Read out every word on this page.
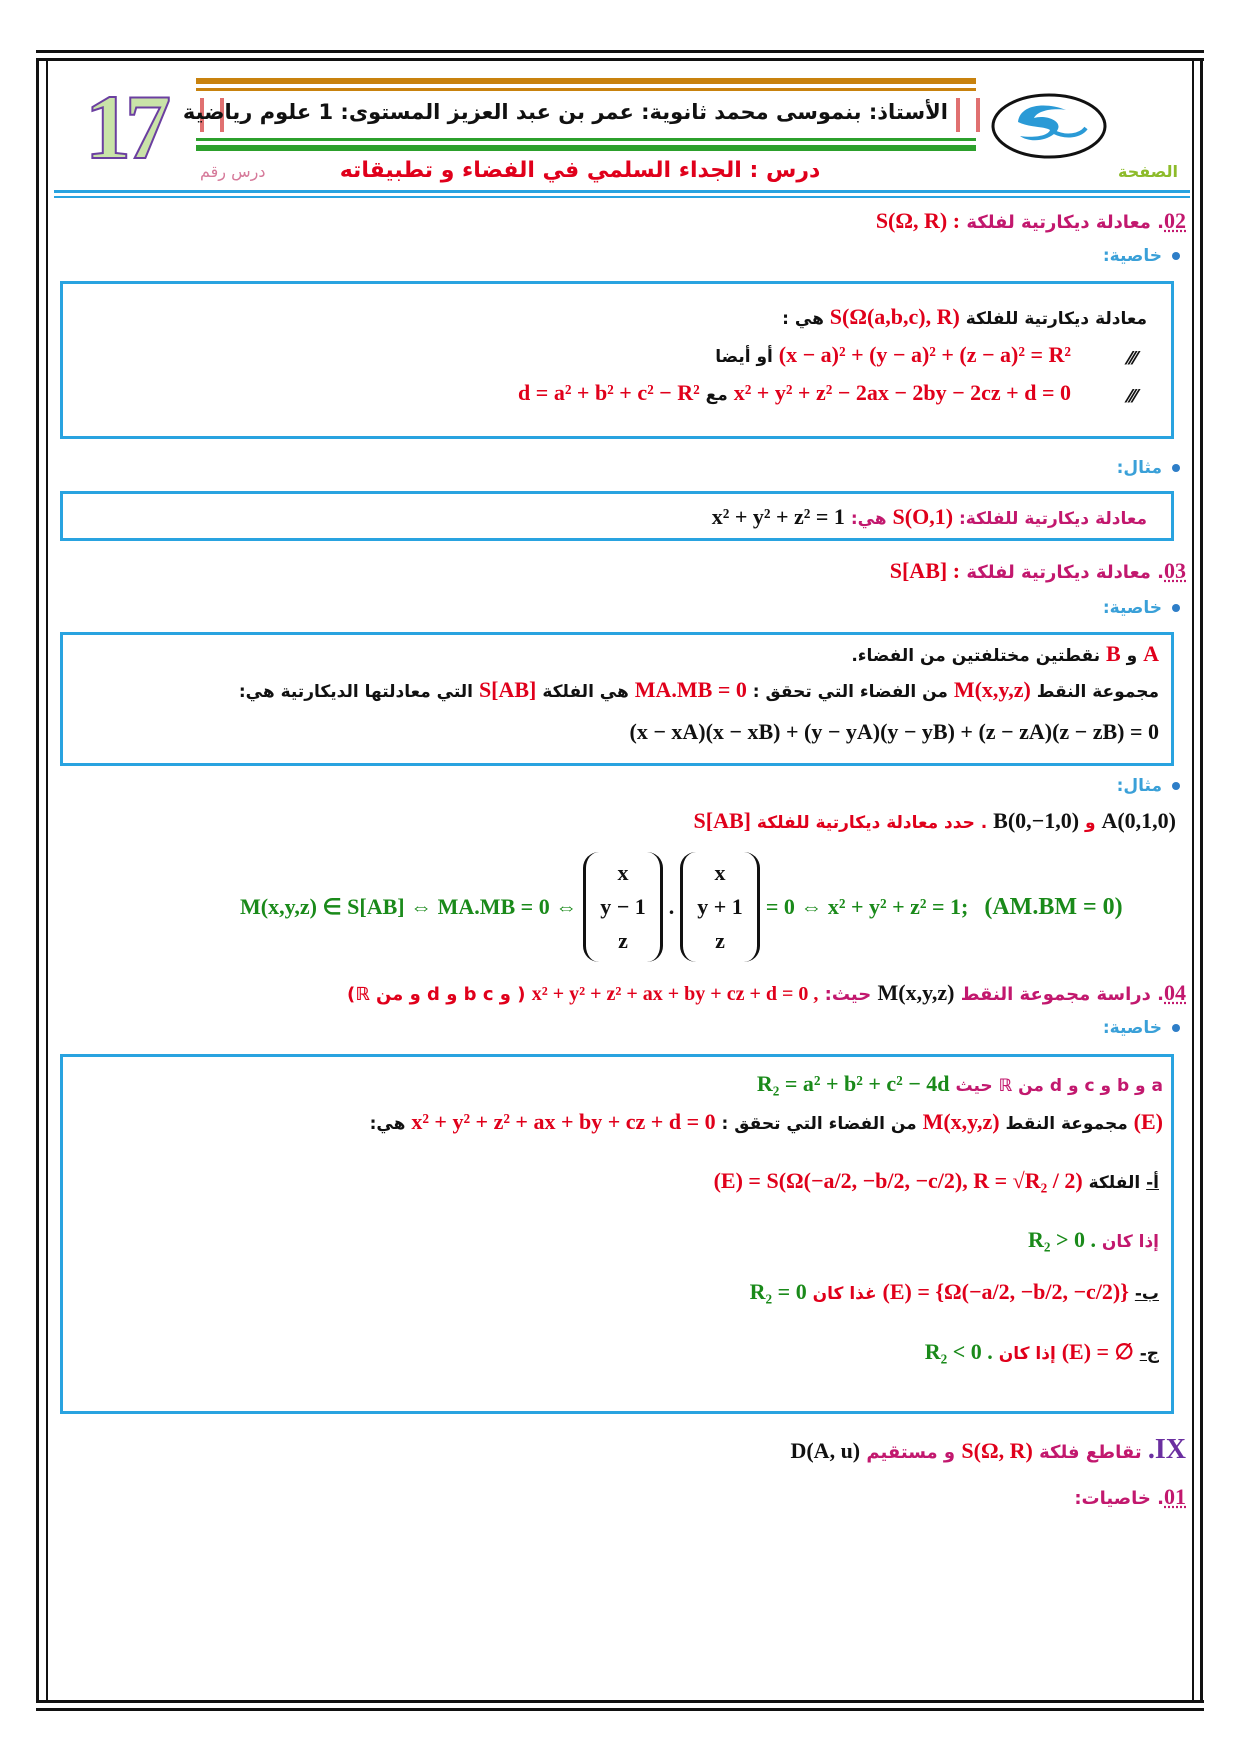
17 الأستاذ: بنموسى محمد ثانوية: عمر بن عبد العزيز المستوى: 1 علوم رياضية
الصفحة
درس رقم	درس : الجداء السلمي في الفضاء و تطبيقاته
02. معادلة ديكارتية لفلكة S(Ω, R) :
خاصية:
معادلة ديكارتية للفلكة S(Ω(a,b,c), R) هي :
⁄⁄⁄
(x − a)² + (y − a)² + (z − a)² = R² أو أيضا
⁄⁄⁄
x² + y² + z² − 2ax − 2by − 2cz + d = 0 مع d = a² + b² + c² − R²
مثال:
معادلة ديكارتية للفلكة: S(O,1) هي: x² + y² + z² = 1
03. معادلة ديكارتية لفلكة S[AB] :
خاصية:
A و B نقطتين مختلفتين من الفضاء.
مجموعة النقط M(x,y,z) من الفضاء التي تحقق : MA.MB = 0 هي الفلكة S[AB] التي معادلتها الديكارتية هي:
(x − xA)(x − xB) + (y − yA)(y − yB) + (z − zA)(z − zB) = 0
مثال:
A(0,1,0) و B(0,−1,0) . حدد معادلة ديكارتية للفلكة S[AB]
M(x,y,z) ∈ S[AB] ⇔ MA.MB = 0 ⇔
x
y − 1
z
.
x
y + 1
z
= 0 ⇔ x² + y² + z² = 1; (AM.BM = 0)
04. دراسة مجموعة النقط M(x,y,z) حيث: x² + y² + z² + ax + by + cz + d = 0 , ( و b c و d و من ℝ)
خاصية:
a و b و c و d من ℝ حيث R₂ = a² + b² + c² − 4d
(E) مجموعة النقط M(x,y,z) من الفضاء التي تحقق : x² + y² + z² + ax + by + cz + d = 0 هي:
أ- الفلكة (E) = S(Ω(−a/2, −b/2, −c/2), R = √R₂ / 2)
إذا كان R₂ > 0 .
ب- (E) = {Ω(−a/2, −b/2, −c/2)} غذا كان R₂ = 0
ج- (E) = ∅ إذا كان R₂ < 0 .
IX. تقاطع فلكة S(Ω, R) و مستقيم D(A, u)
01. خاصيات:
